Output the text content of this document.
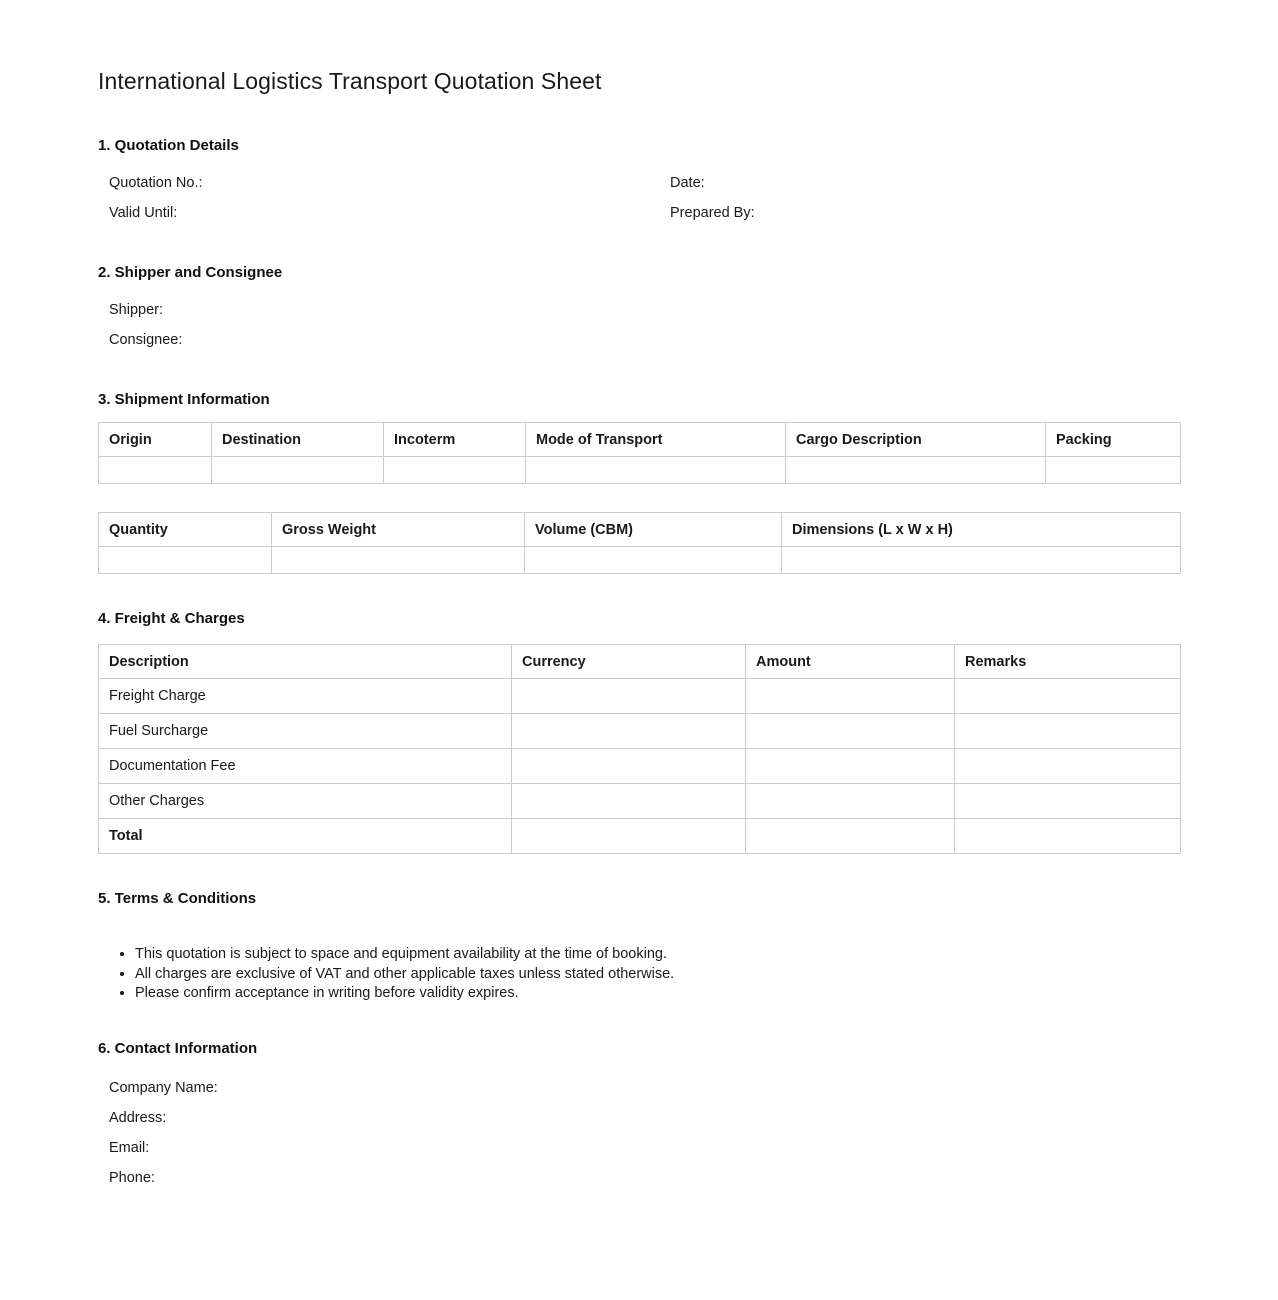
International Logistics Transport Quotation Sheet
1. Quotation Details
Quotation No.:	Date:
Valid Until:	Prepared By:
2. Shipper and Consignee
Shipper:
Consignee:
3. Shipment Information
Origin	Destination	Incoterm	Mode of Transport	Cargo Description	Packing

Quantity	Gross Weight	Volume (CBM)	Dimensions (L x W x H)

4. Freight & Charges
Description	Currency	Amount	Remarks
Freight Charge			
Fuel Surcharge			
Documentation Fee			
Other Charges			
Total			
5. Terms & Conditions
• This quotation is subject to space and equipment availability at the time of booking.
• All charges are exclusive of VAT and other applicable taxes unless stated otherwise.
• Please confirm acceptance in writing before validity expires.
6. Contact Information
Company Name:
Address:
Email:
Phone:
